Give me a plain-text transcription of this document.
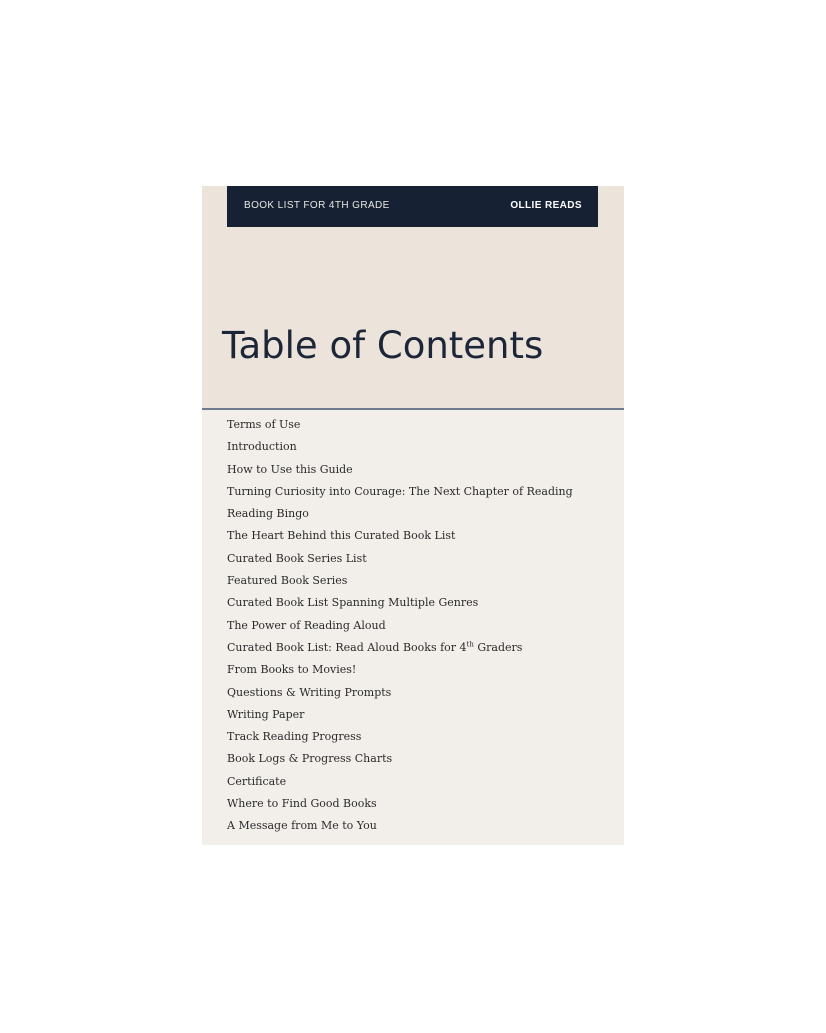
BOOK LIST FOR 4TH GRADE	OLLIE READS
Table of Contents
Terms of Use
Introduction
How to Use this Guide
Turning Curiosity into Courage: The Next Chapter of Reading
Reading Bingo
The Heart Behind this Curated Book List
Curated Book Series List
Featured Book Series
Curated Book List Spanning Multiple Genres
The Power of Reading Aloud
Curated Book List: Read Aloud Books for 4th Graders
From Books to Movies!
Questions & Writing Prompts
Writing Paper
Track Reading Progress
Book Logs & Progress Charts
Certificate
Where to Find Good Books
A Message from Me to You
